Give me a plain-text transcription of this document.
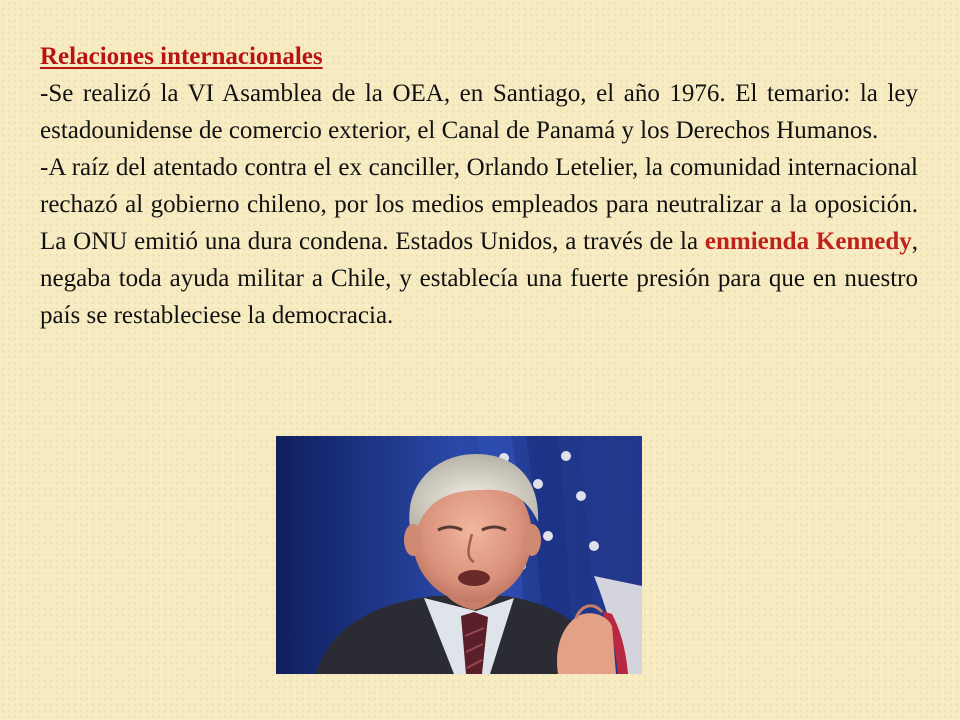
Relaciones internacionales

-Se realizó la VI Asamblea de la OEA, en Santiago, el año 1976. El temario: la ley estadounidense de comercio exterior, el Canal de Panamá y los Derechos Humanos.

-A raíz del atentado contra el ex canciller, Orlando Letelier, la comunidad internacional rechazó al gobierno chileno, por los medios empleados para neutralizar a la oposición. La ONU emitió una dura condena. Estados Unidos, a través de la enmienda Kennedy, negaba toda ayuda militar a Chile, y establecía una fuerte presión para que en nuestro país se restableciese la democracia.
